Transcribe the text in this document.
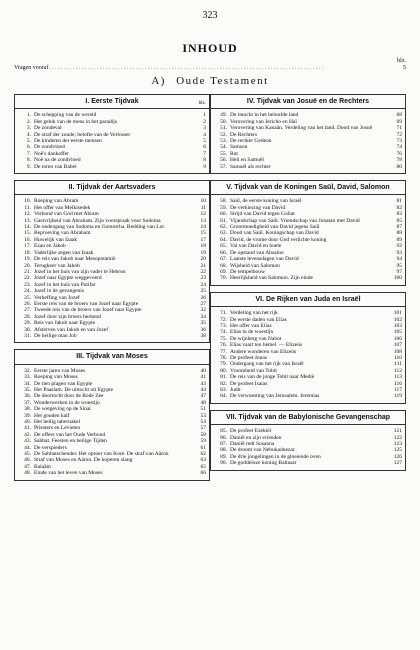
323
INHOUD
blz.
Vragen vooraf . . . . . . . . . . . . . . . . . . . . . . . . . . . . . . . . . . . . . . . . . . . . . . . . . . . . . . . . . . . . . . . . . . . . . . . . . . . . . . . . . . . . . . . . . . . .	5
A) Oude Testament
I. Eerste Tijdvak	blz.
1. De schepping van de wereld	1
2. Het geluk van de mens in het paradijs	2
3. De zondeval	3
4. De straf der zonde; belofte van de Verlosser	4
5. De kinderen der eerste mensen	5
6. De zondvloed	6
7. Noë's dankoffer	7
8. Noë na de zondvloed	8
9. De toren van Babel	9
II. Tijdvak der Aartsvaders
10. Roeping van Abram	10
11. Het offer van Melkisedek	11
12. Verbond van God met Abram	12
13. Gastvrijheid van Abraham. Zijn voorspraak voor Sodoma	13
14. De ondergang van Sodoma en Gomorrha. Redding van Lot	14
15. Beproeving van Abraham	15
16. Huwelijk van Izaak	17
17. Ezau en Jakob	18
18. Vaderlijke zegen van Izaak	19
19. De reis van Jakob naar Mesopotamië	20
20. Terugkeer van Jakob	21
21. Jozef in het huis van zijn vader te Hebron	22
22. Jozef naar Egypte weggevoerd	23
23. Jozef in het huis van Putifar	24
24. Jozef in de gevangenis	25
25. Verheffing van Jozef	26
26. Eerste reis van de broers van Jozef naar Egypte	27
27. Tweede reis van de broers van Jozef naar Egypte	32
28. Jozef door zijn broers herkend	34
29. Reis van Jakob naar Egypte	35
30. Afsterven van Jakob en van Jozef	36
31. De heilige man Job	38
III. Tijdvak van Moses
32. Eerste jaren van Moses	40
33. Roeping van Moses	41
34. De tien plagen van Egypte	43
35. Het Paaslam. De uittocht uit Egypte	44
36. De doortocht door de Rode Zee	47
37. Wonderwerken in de woestijn	48
38. De wetgeving op de Sinaï	51
39. Het gouden kalf	53
40. Het heilig tabernakel	54
41. Priesters en Levieten	57
42. De offers van het Oude Verbond	58
43. Sabbat. Feesten en heilige Tijden	59
44. De verspieders	61
45. De Sabbatschender. Het oproer van Kore. De straf van Aäron	62
46. Straf van Moses en Aäron. De koperen slang	63
47. Balaäm	65
48. Einde van het leven van Moses	66
IV. Tijdvak van Josuë en de Rechters
49. De intocht in het beloofde land	68
50. Verovering van Jericho en Haï	69
51. Verovering van Kanaän. Verdeling van het land. Dood van Josuë	71
52. De Rechters	72
53. De rechter Gedeon	73
54. Samson	74
55. Rut	76
56. Heli en Samuël	78
57. Samuël als rechter	80
V. Tijdvak van de Koningen Saül, David, Salomon
58. Saül, de eerste koning van Israël	81
59. De verkiezing van David	82
60. Strijd van David tegen Goliat	83
61. Vijandschap van Saül. Vriendschap van Jonatan met David	85
62. Grootmoedigheid van David jegens Saül	87
63. Dood van Saül. Koningschap van David	88
64. David, de vrome door God verlichte koning	89
65. Val van David en boete	92
66. De opstand van Absalon	93
67. Laatste levensdagen van David	94
68. Wijsheid van Salomon	95
69. De tempelbouw	97
70. Heerlijkheid van Salomon. Zijn einde	100
VI. De Rijken van Juda en Israël
71. Verdeling van het rijk	101
72. De eerste daden van Elias	102
73. Het offer van Elias	103
74. Elias in de woestijn	105
75. De wijnberg van Nabot	106
76. Elias vaart ten hemel. — Elizeüs	107
77. Andere wonderen van Elizeüs	108
78. De profeet Jonas	110
79. Ondergang van het rijk van Israël	111
80. Vroomheid van Tobit	112
81. De reis van de jonge Tobit naar Medië	113
82. De profeet Isaias	116
83. Judit	117
84. De verwoesting van Jerusalem. Jeremias	119
VII. Tijdvak van de Babylonische Gevangenschap
85. De profeet Ezekiël	121
86. Daniël en zijn vrienden	122
87. Daniël redt Susanna	123
88. De droom van Nebukadnezar	125
89. De drie jongelingen in de gloeiende oven	126
90. De goddeloze koning Baltasar	127
